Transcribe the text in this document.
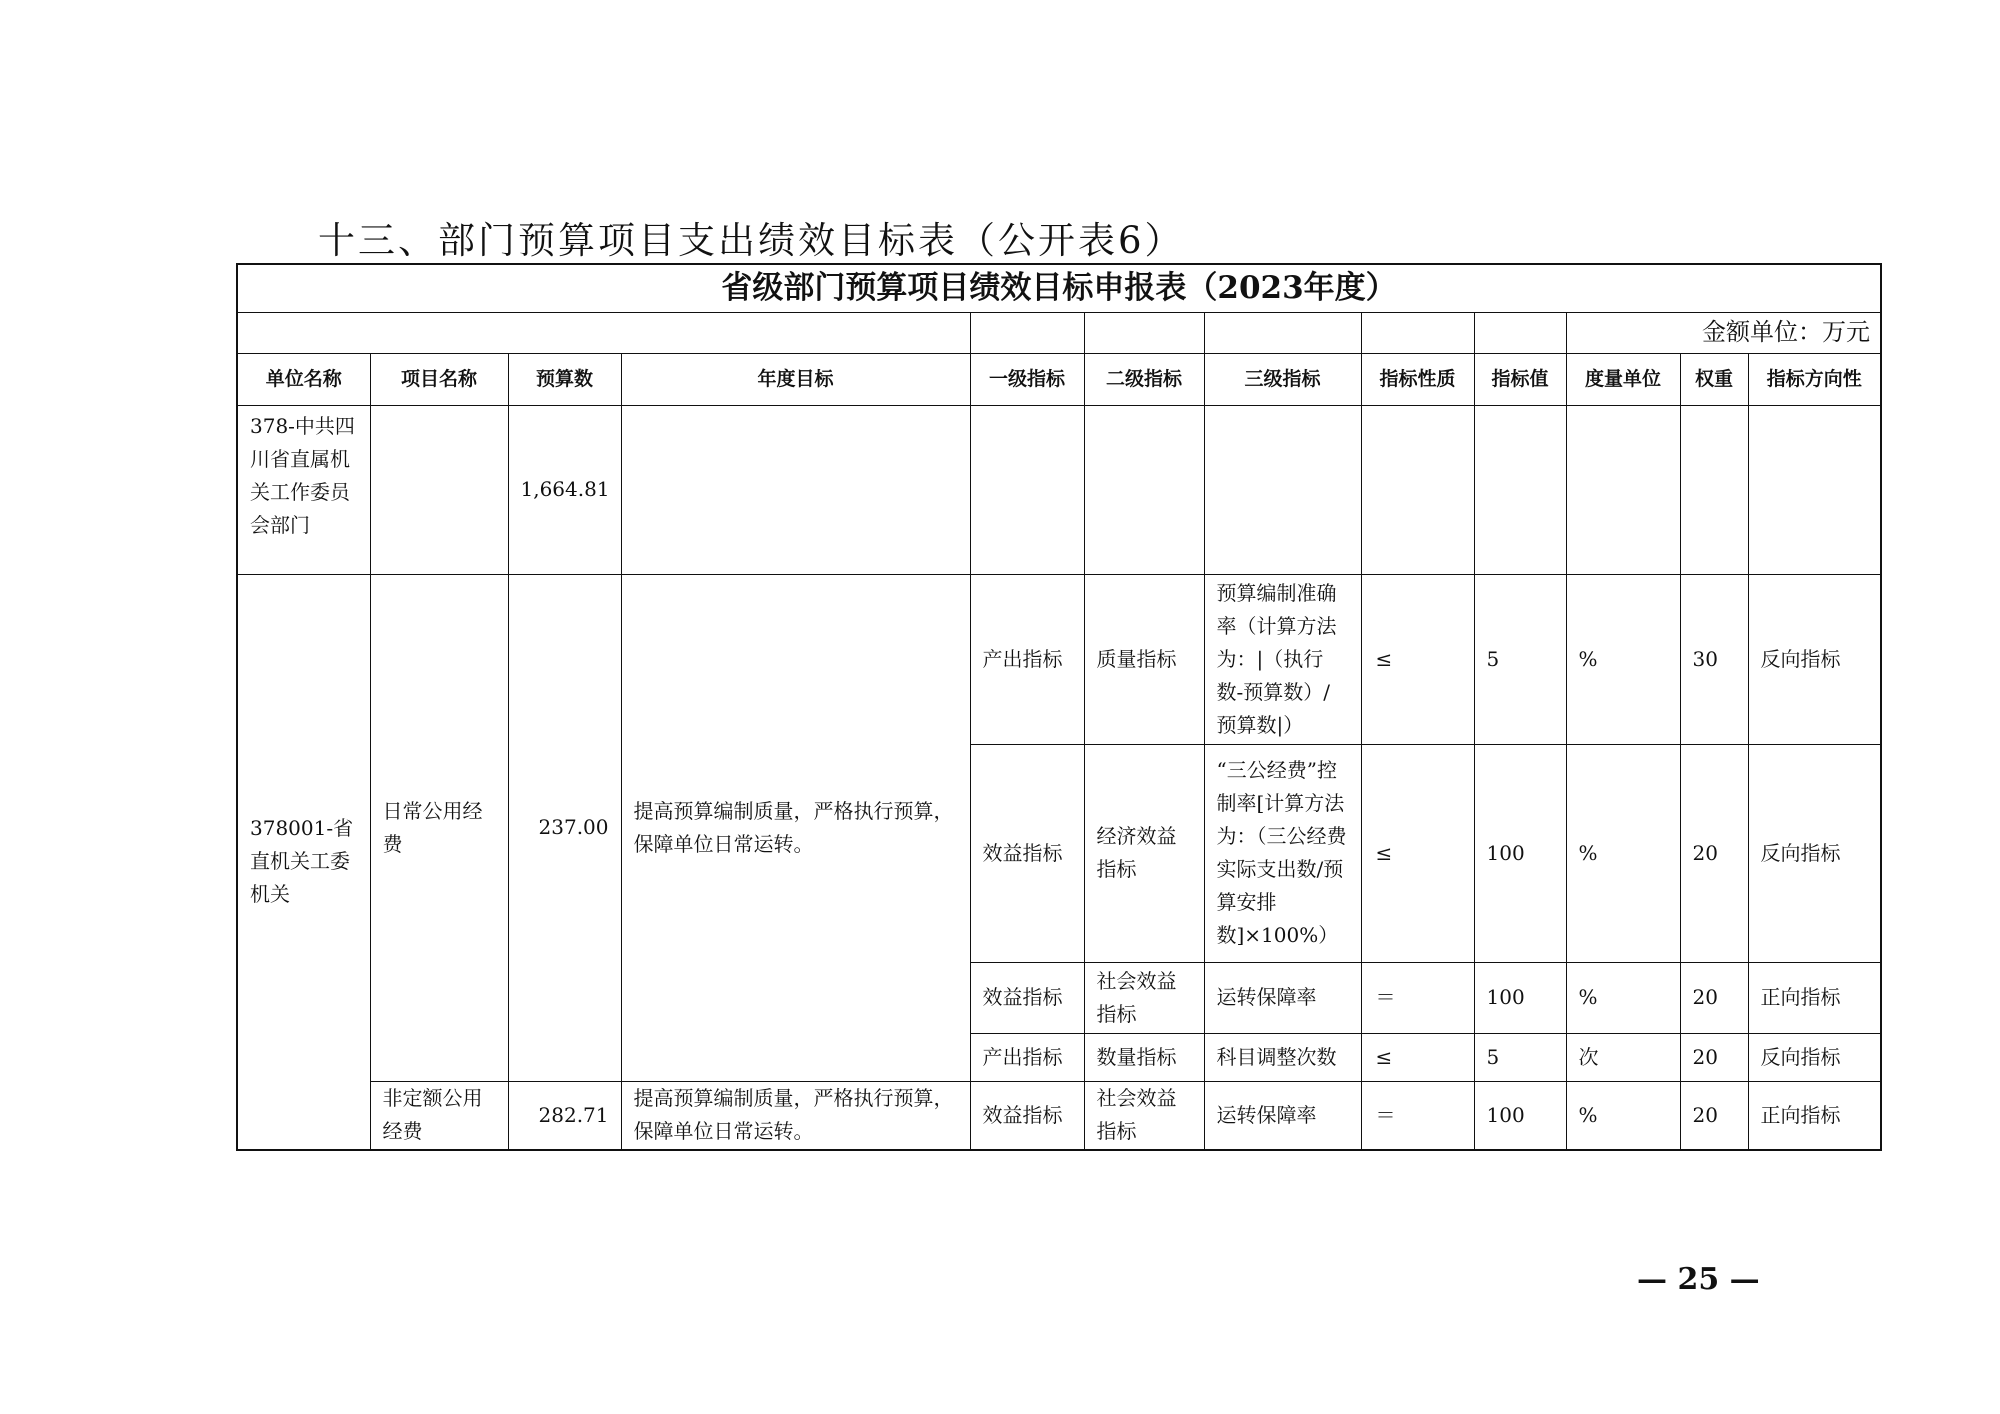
十三、部门预算项目支出绩效目标表（公开表6）
省级部门预算项目绩效目标申报表（2023年度）											
									金额单位：万元		
单位名称	项目名称	预算数	年度目标	一级指标	二级指标	三级指标	指标性质	指标值	度量单位	权重	指标方向性
378-中共四川省直属机关工作委员会部门		1,664.81									
378001-省直机关工委机关	日常公用经费	237.00	提高预算编制质量，严格执行预算，保障单位日常运转。	产出指标	质量指标	预算编制准确率（计算方法为：|（执行数-预算数）/预算数|）	≤	5	%	30	反向指标
				效益指标	经济效益指标	“三公经费”控制率[计算方法为：（三公经费实际支出数/预算安排数]×100%）	≤	100	%	20	反向指标
				效益指标	社会效益指标	运转保障率	＝	100	%	20	正向指标
				产出指标	数量指标	科目调整次数	≤	5	次	20	反向指标
	非定额公用经费	282.71	提高预算编制质量，严格执行预算，保障单位日常运转。	效益指标	社会效益指标	运转保障率	＝	100	%	20	正向指标
— 25 —
